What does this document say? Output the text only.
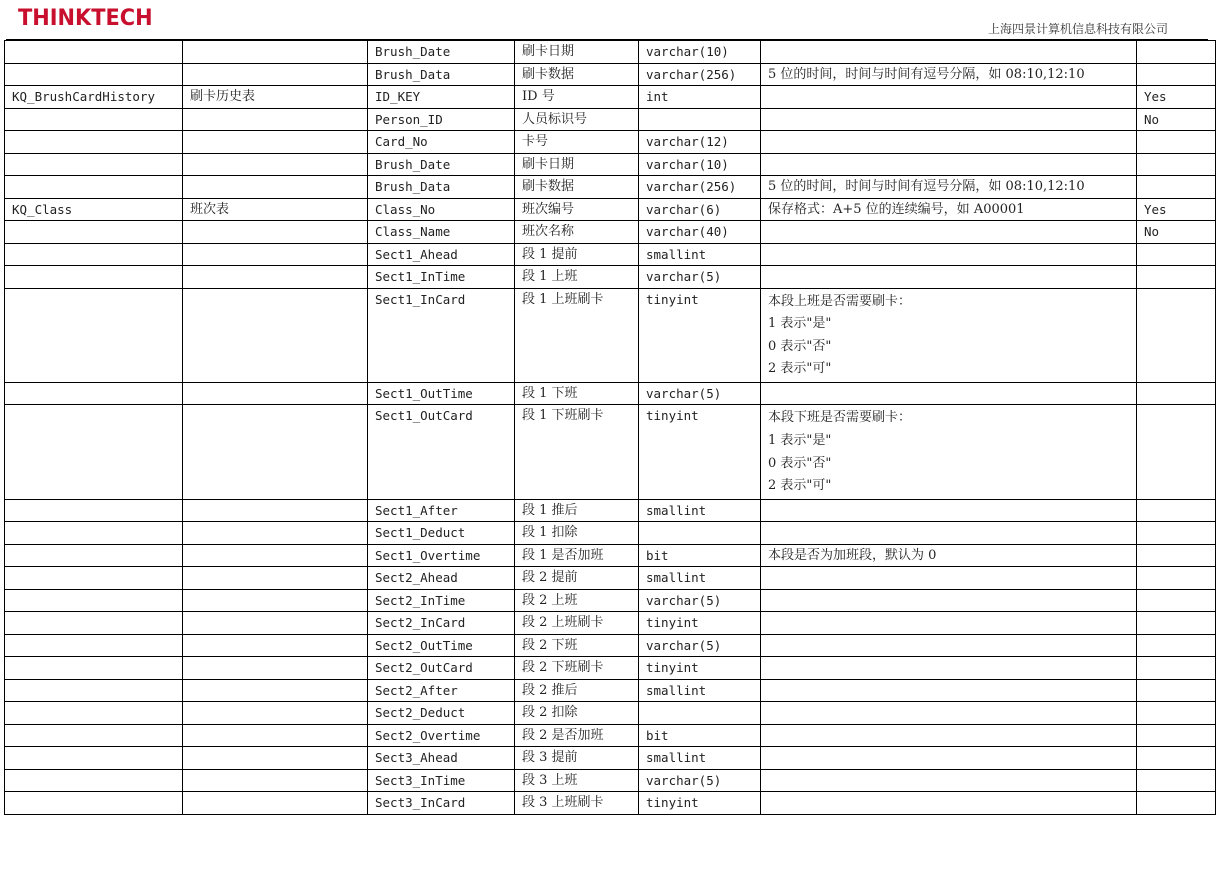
THINKTECH	上海四景计算机信息科技有限公司
		Brush_Date	刷卡日期	varchar(10)		
		Brush_Data	刷卡数据	varchar(256)	5 位的时间，时间与时间有逗号分隔，如 08:10,12:10	

KQ_BrushCardHistory	刷卡历史表	ID_KEY	ID 号	int		Yes
		Person_ID	人员标识号			No
		Card_No	卡号	varchar(12)		
		Brush_Date	刷卡日期	varchar(10)		
		Brush_Data	刷卡数据	varchar(256)	5 位的时间，时间与时间有逗号分隔，如 08:10,12:10	

KQ_Class	班次表	Class_No	班次编号	varchar(6)	保存格式：A+5 位的连续编号，如 A00001	Yes
		Class_Name	班次名称	varchar(40)		No
		Sect1_Ahead	段 1 提前	smallint		
		Sect1_InTime	段 1 上班	varchar(5)		
		Sect1_InCard	段 1 上班刷卡	tinyint	本段上班是否需要刷卡：
1 表示"是"
0 表示"否"
2 表示"可"	

		Sect1_OutTime	段 1 下班	varchar(5)		
		Sect1_OutCard	段 1 下班刷卡	tinyint	本段下班是否需要刷卡：
1 表示"是"
0 表示"否"
2 表示"可"	

		Sect1_After	段 1 推后	smallint		
		Sect1_Deduct	段 1 扣除			
		Sect1_Overtime	段 1 是否加班	bit	本段是否为加班段，默认为 0	

		Sect2_Ahead	段 2 提前	smallint		
		Sect2_InTime	段 2 上班	varchar(5)		
		Sect2_InCard	段 2 上班刷卡	tinyint		
		Sect2_OutTime	段 2 下班	varchar(5)		
		Sect2_OutCard	段 2 下班刷卡	tinyint		
		Sect2_After	段 2 推后	smallint		
		Sect2_Deduct	段 2 扣除			
		Sect2_Overtime	段 2 是否加班	bit		
		Sect3_Ahead	段 3 提前	smallint		
		Sect3_InTime	段 3 上班	varchar(5)		
		Sect3_InCard	段 3 上班刷卡	tinyint		
